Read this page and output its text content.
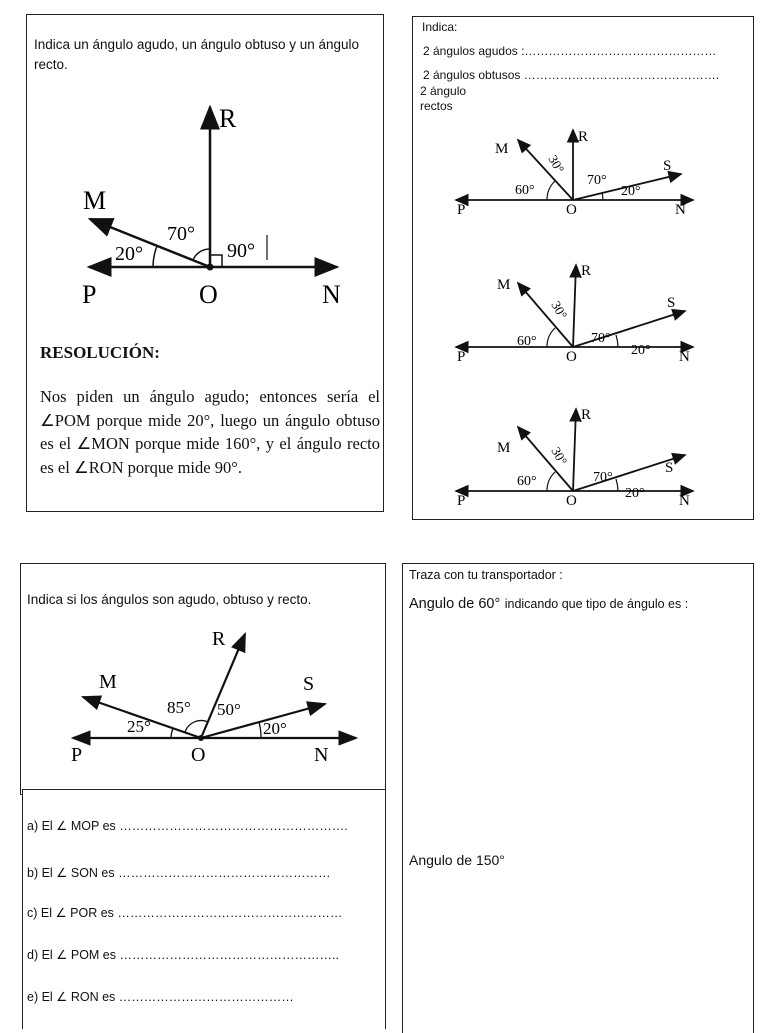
Indica un ángulo agudo, un ángulo obtuso y un ángulo recto.
R
M
P	O	N
20°
70°
90°
RESOLUCIÓN:
Nos piden un ángulo agudo; entonces sería el ∠POM porque mide 20°, luego un ángulo obtuso es el ∠MON porque mide 160°, y el ángulo recto es el ∠RON porque mide 90°.
Indica:
2 ángulos agudos :…………………………………………
2 ángulos obtusos ………………………………………….
2 ángulo
rectos
M
R
S
P	O	N
60°
30°
70°
20°
M
R
S
P	O	N
60°
30°
70°
20°
M
R
S
P	O	N
60°
30°
70°
20°
Indica si los ángulos son agudo, obtuso y recto.
R
M	S
P	O	N
25°
85° 50°
20°
a) El ∠ MOP es ……………………………………………….
b) El ∠ SON es ……………………………………………
c) El ∠ POR es ………………………………………………
d) El ∠ POM es ……………………………………………..
e) El ∠ RON es ……………………………………
Traza con tu transportador :
Angulo de 60° indicando que tipo de ángulo es :
Angulo de 150°
